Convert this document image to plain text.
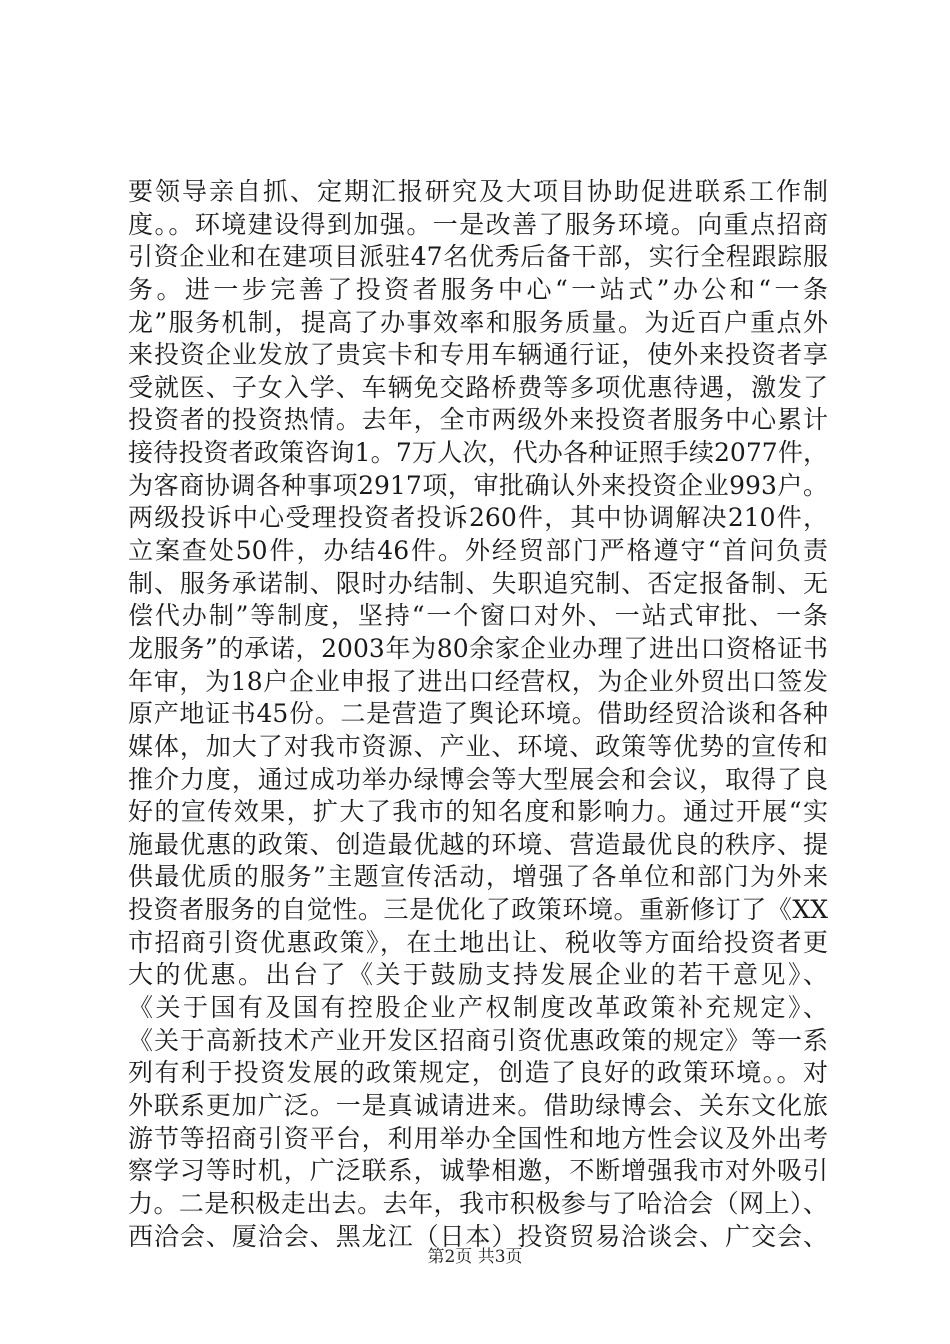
要领导亲自抓、定期汇报研究及大项目协助促进联系工作制
度。。环境建设得到加强。一是改善了服务环境。向重点招商
引资企业和在建项目派驻47名优秀后备干部，实行全程跟踪服
务。进一步完善了投资者服务中心“一站式”办公和“一条
龙”服务机制，提高了办事效率和服务质量。为近百户重点外
来投资企业发放了贵宾卡和专用车辆通行证，使外来投资者享
受就医、子女入学、车辆免交路桥费等多项优惠待遇，激发了
投资者的投资热情。去年，全市两级外来投资者服务中心累计
接待投资者政策咨询1。7万人次，代办各种证照手续2077件，
为客商协调各种事项2917项，审批确认外来投资企业993户。
两级投诉中心受理投资者投诉260件，其中协调解决210件，
立案查处50件，办结46件。外经贸部门严格遵守“首问负责
制、服务承诺制、限时办结制、失职追究制、否定报备制、无
偿代办制”等制度，坚持“一个窗口对外、一站式审批、一条
龙服务”的承诺，2003年为80余家企业办理了进出口资格证书
年审，为18户企业申报了进出口经营权，为企业外贸出口签发
原产地证书45份。二是营造了舆论环境。借助经贸洽谈和各种
媒体，加大了对我市资源、产业、环境、政策等优势的宣传和
推介力度，通过成功举办绿博会等大型展会和会议，取得了良
好的宣传效果，扩大了我市的知名度和影响力。通过开展“实
施最优惠的政策、创造最优越的环境、营造最优良的秩序、提
供最优质的服务”主题宣传活动，增强了各单位和部门为外来
投资者服务的自觉性。三是优化了政策环境。重新修订了《XX
市招商引资优惠政策》，在土地出让、税收等方面给投资者更
大的优惠。出台了《关于鼓励支持发展企业的若干意见》、
《关于国有及国有控股企业产权制度改革政策补充规定》、
《关于高新技术产业开发区招商引资优惠政策的规定》等一系
列有利于投资发展的政策规定，创造了良好的政策环境。。对
外联系更加广泛。一是真诚请进来。借助绿博会、关东文化旅
游节等招商引资平台，利用举办全国性和地方性会议及外出考
察学习等时机，广泛联系，诚挚相邀，不断增强我市对外吸引
力。二是积极走出去。去年，我市积极参与了哈洽会（网上）、
西洽会、厦洽会、黑龙江（日本）投资贸易洽谈会、广交会、
第2页 共3页
